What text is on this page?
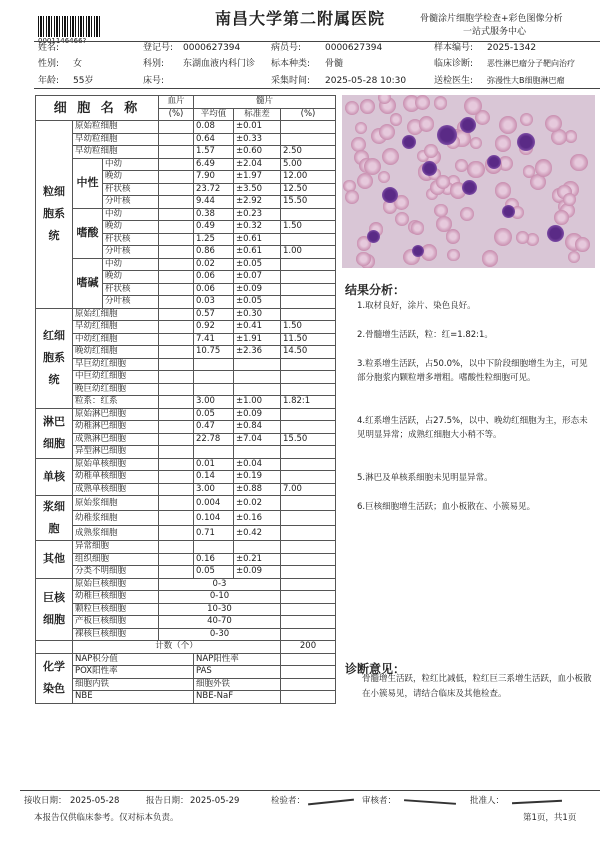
南昌大学第二附属医院
0001146466?
骨髓涂片细胞学检查+彩色图像分析
一站式服务中心
姓名:
性别: 女
年龄: 55岁
登记号: 0000627394
科别: 东湖血液内科门诊
床号:
病员号:	0000627394
标本种类: 骨髓
采集时间: 2025-05-28 10:30
样本编号: 2025-1342
临床诊断: 恶性淋巴瘤分子靶向治疗
送检医生: 弥漫性大B细胞淋巴瘤
细 胞 名 称			血片	髓片		
			(%)	平均值	标准差	(%)
粒细胞系统	原始粒细胞			0.08	±0.01	
	早幼粒细胞			0.64	±0.33	
	早幼粒细胞			1.57	±0.60	2.50
	中性	中幼		6.49	±2.04	5.00
		晚幼		7.90	±1.97	12.00
		杆状核		23.72	±3.50	12.50
		分叶核		9.44	±2.92	15.50
	嗜酸	中幼		0.38	±0.23	
		晚幼		0.49	±0.32	1.50
		杆状核		1.25	±0.61	
		分叶核		0.86	±0.61	1.00
	嗜碱	中幼		0.02	±0.05	
		晚幼		0.06	±0.07	
		杆状核		0.06	±0.09	
		分叶核		0.03	±0.05	
红细胞系统	原始红细胞			0.57	±0.30	
	早幼红细胞			0.92	±0.41	1.50
	中幼红细胞			7.41	±1.91	11.50
	晚幼红细胞			10.75	±2.36	14.50
	早巨幼红细胞					
	中巨幼红细胞					
	晚巨幼红细胞					
	粒系：红系			3.00	±1.00	1.82:1
淋巴细胞	原始淋巴细胞			0.05	±0.09	
	幼稚淋巴细胞			0.47	±0.84	
	成熟淋巴细胞			22.78	±7.04	15.50
	异型淋巴细胞					
单核	原始单核细胞			0.01	±0.04	
	幼稚单核细胞			0.14	±0.19	
	成熟单核细胞			3.00	±0.88	7.00
浆细胞	原始浆细胞			0.004	±0.02	
	幼稚浆细胞			0.104	±0.16	
	成熟浆细胞			0.71	±0.42	
其他	异常细胞					
	组织细胞			0.16	±0.21	
	分类不明细胞			0.05	±0.09	
巨核细胞	原始巨核细胞		0-3			
	幼稚巨核细胞		0-10			
	颗粒巨核细胞		10-30			
	产板巨核细胞		40-70			
	裸核巨核细胞		0-30			
	计数（个）					200
化学染色	NAP积分值			NAP阳性率		
	POX阳性率			PAS		
	细胞内铁			细胞外铁		
	NBE			NBE-NaF		
结果分析：
1.取材良好，涂片、染色良好。
2.骨髓增生活跃，粒：红=1.82:1。
3.粒系增生活跃，占50.0%，以中下阶段细胞增生为主，可见部分胞浆内颗粒增多增粗。嗜酸性粒细胞可见。
4.红系增生活跃，占27.5%，以中、晚幼红细胞为主，形态未见明显异常；成熟红细胞大小稍不等。
5.淋巴及单核系细胞未见明显异常。
6.巨核细胞增生活跃；血小板散在、小簇易见。
诊断意见：
骨髓增生活跃，粒红比减低，粒红巨三系增生活跃，血小板散在小簇易见，请结合临床及其他检查。
接收日期： 2025-05-28	报告日期： 2025-05-29	检验者：	审核者：	批准人：
本报告仅供临床参考。仅对标本负责。	第1页，共1页
